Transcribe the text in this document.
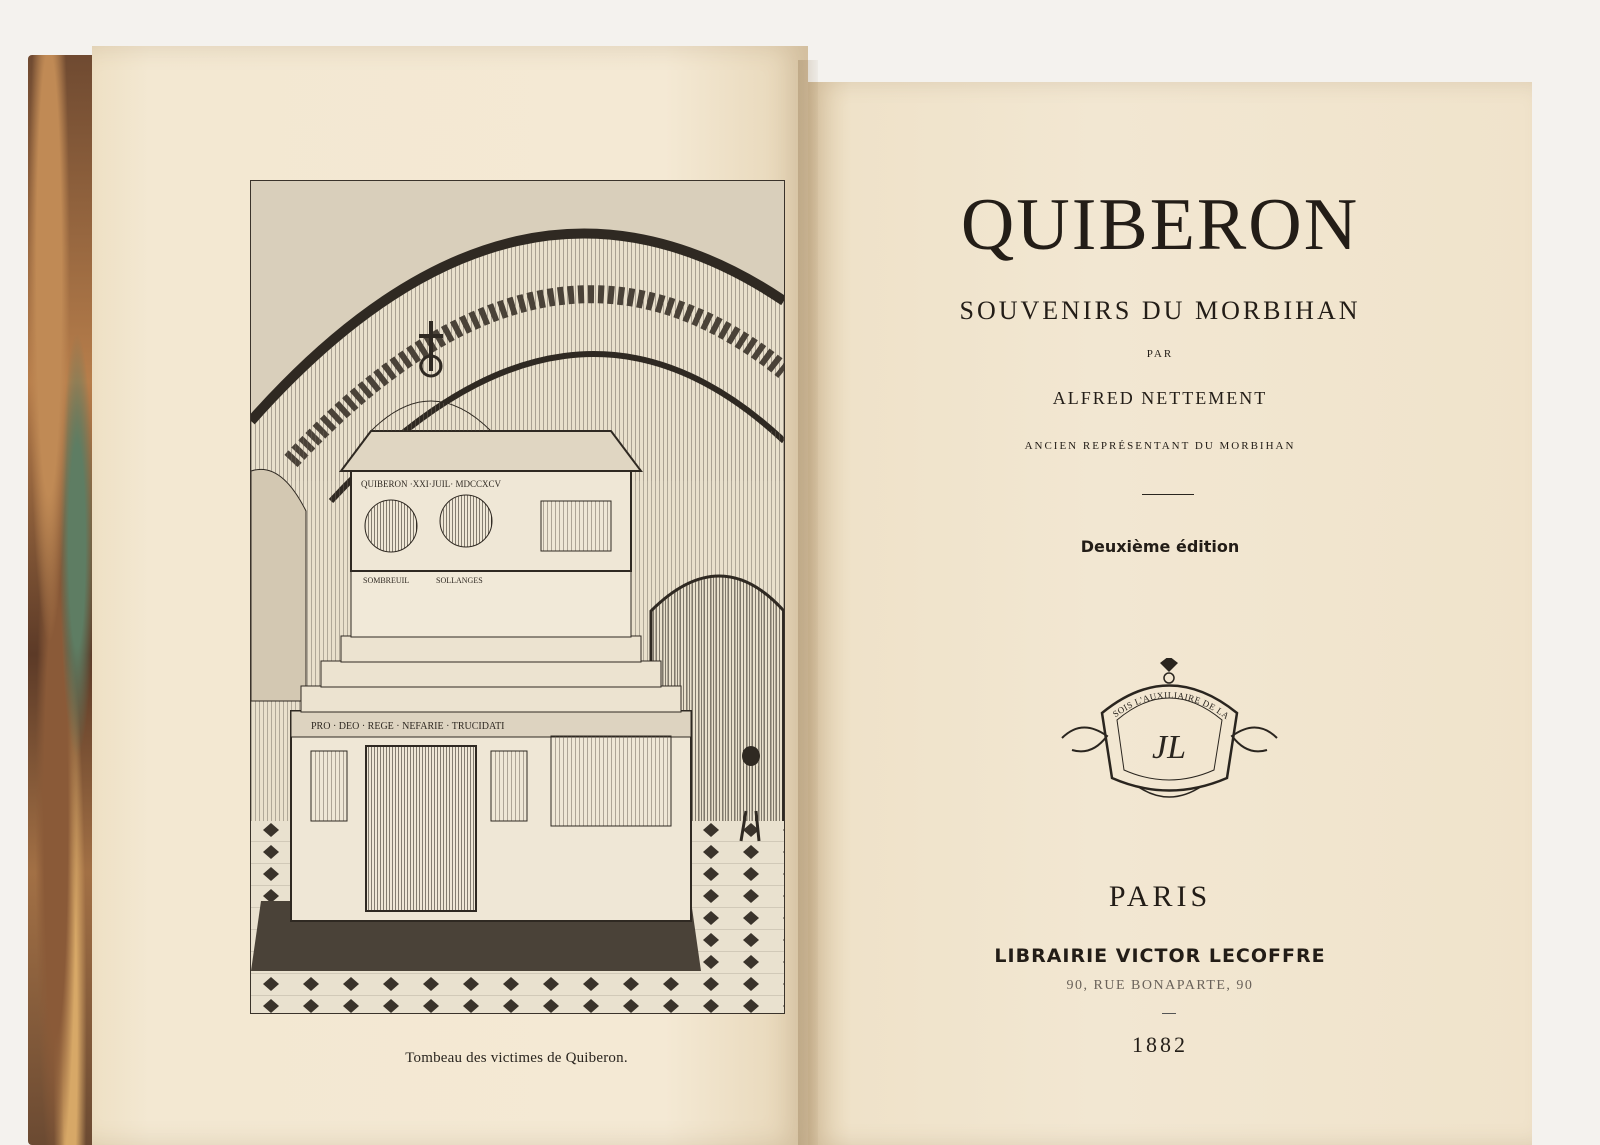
QUIBERON ·XXI·JUIL· MDCCXCV
SOMBREUIL	SOLLANGES
PRO · DEO · REGE · NEFARIE · TRUCIDATI
Tombeau des victimes de Quiberon.
QUIBERON
SOUVENIRS DU MORBIHAN
PAR
ALFRED NETTEMENT
ANCIEN REPRÉSENTANT DU MORBIHAN
Deuxième édition
SOIS L'AUXILIAIRE DE LA
JL
PARIS
LIBRAIRIE VICTOR LECOFFRE
90, RUE BONAPARTE, 90
1882
